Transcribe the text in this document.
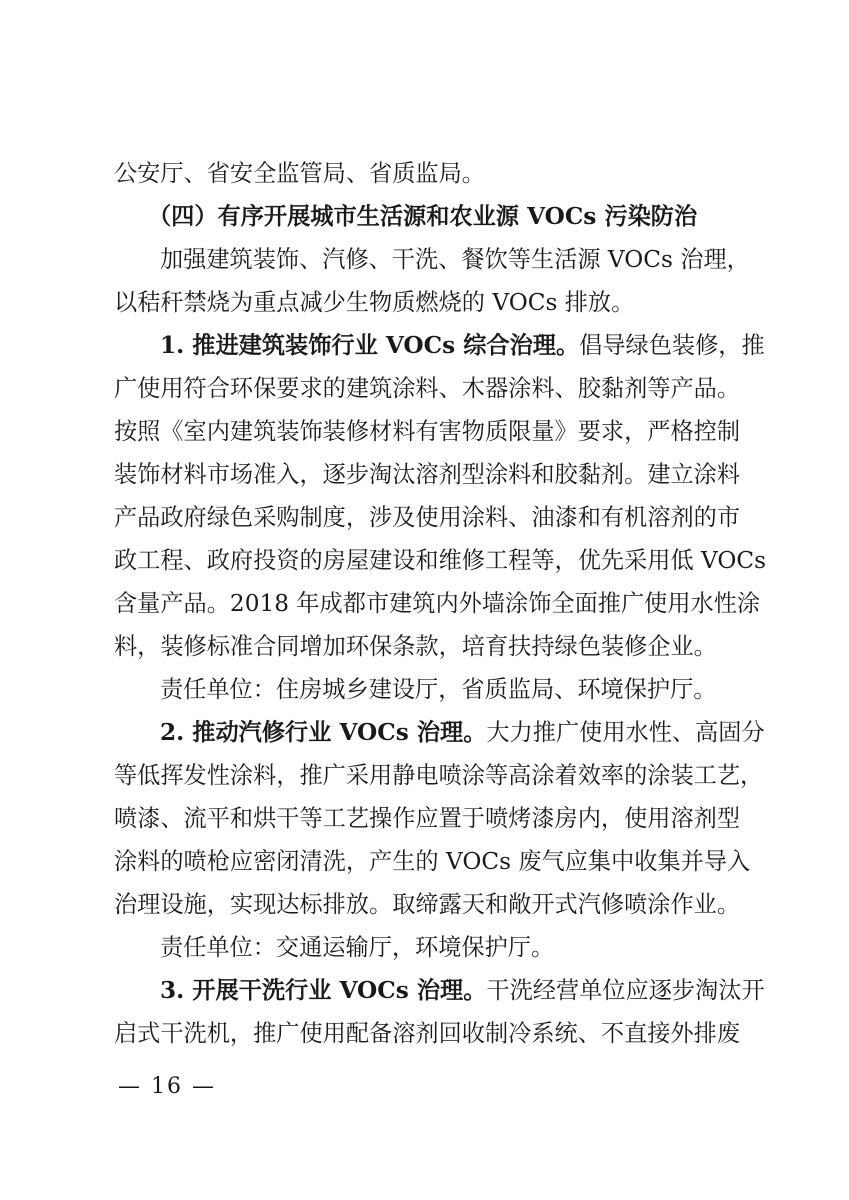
公安厅、省安全监管局、省质监局。
（四）有序开展城市生活源和农业源 VOCs 污染防治
加强建筑装饰、汽修、干洗、餐饮等生活源 VOCs 治理，
以秸秆禁烧为重点减少生物质燃烧的 VOCs 排放。
1. 推进建筑装饰行业 VOCs 综合治理。倡导绿色装修，推
广使用符合环保要求的建筑涂料、木器涂料、胶黏剂等产品。
按照《室内建筑装饰装修材料有害物质限量》要求，严格控制
装饰材料市场准入，逐步淘汰溶剂型涂料和胶黏剂。建立涂料
产品政府绿色采购制度，涉及使用涂料、油漆和有机溶剂的市
政工程、政府投资的房屋建设和维修工程等，优先采用低 VOCs
含量产品。2018 年成都市建筑内外墙涂饰全面推广使用水性涂
料，装修标准合同增加环保条款，培育扶持绿色装修企业。
责任单位：住房城乡建设厅，省质监局、环境保护厅。
2. 推动汽修行业 VOCs 治理。大力推广使用水性、高固分
等低挥发性涂料，推广采用静电喷涂等高涂着效率的涂装工艺，
喷漆、流平和烘干等工艺操作应置于喷烤漆房内，使用溶剂型
涂料的喷枪应密闭清洗，产生的 VOCs 废气应集中收集并导入
治理设施，实现达标排放。取缔露天和敞开式汽修喷涂作业。
责任单位：交通运输厅，环境保护厅。
3. 开展干洗行业 VOCs 治理。干洗经营单位应逐步淘汰开
启式干洗机，推广使用配备溶剂回收制冷系统、不直接外排废
— 16 —
